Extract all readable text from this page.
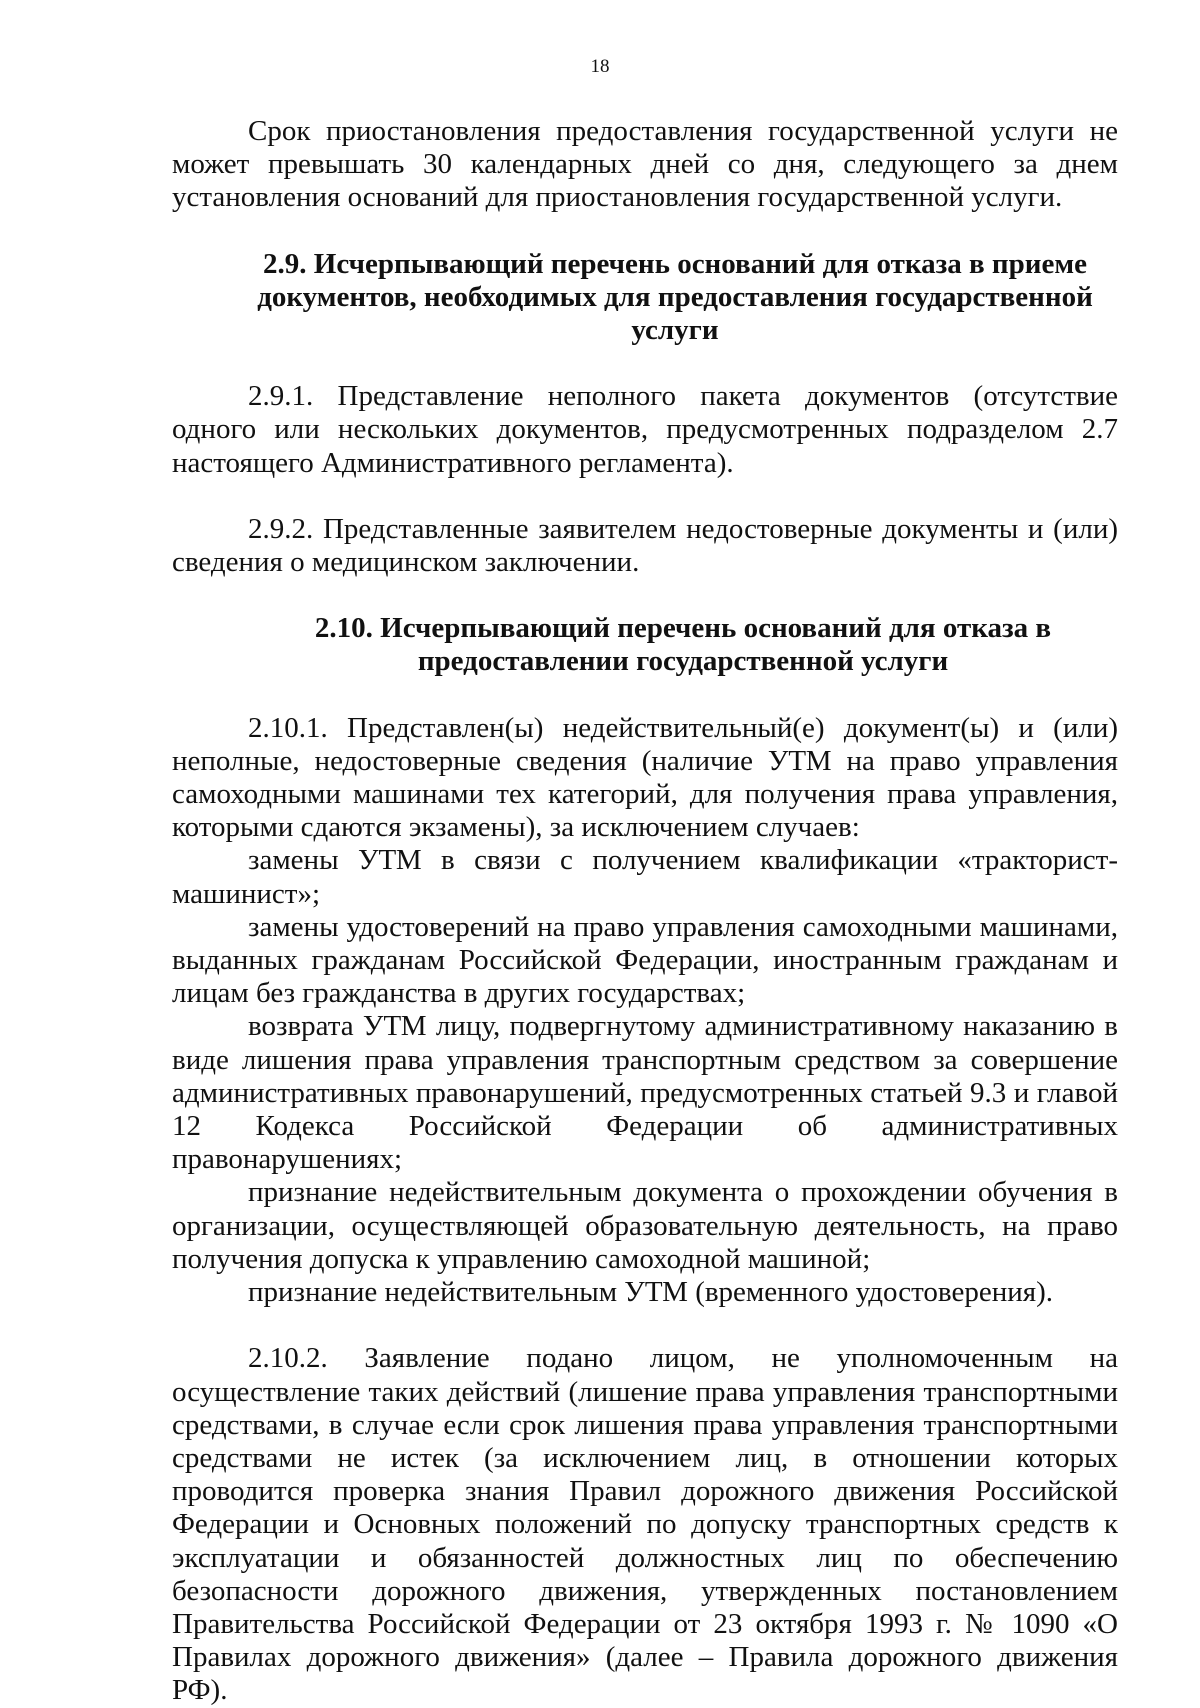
18

Срок приостановления предоставления государственной услуги не может превышать 30 календарных дней со дня, следующего за днем установления оснований для приостановления государственной услуги.

2.9. Исчерпывающий перечень оснований для отказа в приеме
документов, необходимых для предоставления государственной услуги

2.9.1. Представление неполного пакета документов (отсутствие одного или нескольких документов, предусмотренных подразделом 2.7 настоящего Административного регламента).

2.9.2. Представленные заявителем недостоверные документы и (или) сведения о медицинском заключении.

2.10. Исчерпывающий перечень оснований для отказа в
предоставлении государственной услуги

2.10.1. Представлен(ы) недействительный(е) документ(ы) и (или) неполные, недостоверные сведения (наличие УТМ на право управления самоходными машинами тех категорий, для получения права управления, которыми сдаются экзамены), за исключением случаев:

замены УТМ в связи с получением квалификации «тракторист-машинист»;

замены удостоверений на право управления самоходными машинами, выданных гражданам Российской Федерации, иностранным гражданам и лицам без гражданства в других государствах;

возврата УТМ лицу, подвергнутому административному наказанию в виде лишения права управления транспортным средством за совершение административных правонарушений, предусмотренных статьей 9.3 и главой 12 Кодекса Российской Федерации об административных правонарушениях;

признание недействительным документа о прохождении обучения в организации, осуществляющей образовательную деятельность, на право получения допуска к управлению самоходной машиной;

признание недействительным УТМ (временного удостоверения).

2.10.2. Заявление подано лицом, не уполномоченным на осуществление таких действий (лишение права управления транспортными средствами, в случае если срок лишения права управления транспортными средствами не истек (за исключением лиц, в отношении которых проводится проверка знания Правил дорожного движения Российской Федерации и Основных положений по допуску транспортных средств к эксплуатации и обязанностей должностных лиц по обеспечению безопасности дорожного движения, утвержденных постановлением Правительства Российской Федерации от 23 октября 1993 г. № 1090 «О Правилах дорожного движения» (далее – Правила дорожного движения РФ).
